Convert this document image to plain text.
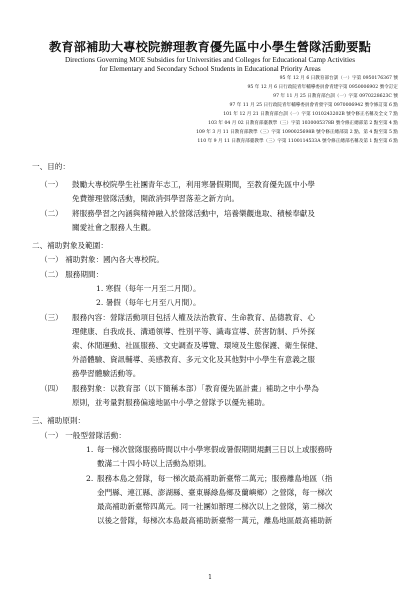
教育部補助大專校院辦理教育優先區中小學生營隊活動要點
Directions Governing MOE Subsidies for Universities and Colleges for Educational Camp Activities
for Elementary and Secondary School Students in Educational Priority Areas
95 年 12 月 6 日教育部台訓（一）字第 0950176367 號
95 年 12 月 6 日行政院青年輔導委員會青建字第 0950006902 號令訂定
97 年 11 月 25 日教育部台訓（一）字第 0970228623C 號
97 年 11 月 25 日行政院青年輔導委員會青發字第 0970006942 號令修訂第 6 點
101 年 12 月 21 日教育部台訓（一）字第 1010243202B 號令修正名稱及全文 7 點
103 年 04 月 02 日教育部臺教學（三）字第 1030005378B 號令修正總部第 2 點至第 4 點
109 年 3 月 11 日教育部教學（三）字第 1090025698B 號令修正總部第 2 點、第 4 點至第 5 點
110 年 9 月 11 日教育部臺教學（三）字第 1100114533A 號令修正總部名稱及第 1 點至第 6 點
一、目的：
（一） 鼓勵大專校院學生社團青年志工，利用寒暑假期間，至教育優先區中小學
免費辦理營隊活動，開啟消弭學習落差之新方向。
（二） 將服務學習之內涵與精神融入於營隊活動中，培養樂觀進取、積極奉獻及
關愛社會之服務人生觀。
二、補助對象及範圍：
（一） 補助對象：國內各大專校院。
（二） 服務期間：
1. 寒假（每年一月至二月間）。
2. 暑假（每年七月至八月間）。
（三） 服務內容：營隊活動項目包括人權及法治教育、生命教育、品德教育、心
理健康、自我成長、溝通領導、性別平等、識毒宣導、菸害防制、戶外探
索、休閒運動、社區服務、文史調查及導覽、環境及生態保護、衛生保健、
外語體驗、資訊輔導、美感教育、多元文化及其他對中小學生有意義之服
務學習體驗活動等。
（四） 服務對象：以教育部（以下簡稱本部）「教育優先區計畫」補助之中小學為
原則，並考量對服務偏遠地區中小學之營隊予以優先補助。
三、補助原則：
（一） 一般型營隊活動：
1. 每一梯次營隊服務時間以中小學寒假或暑假期間規劃三日以上或服務時
數滿二十四小時以上活動為原則。
2. 服務本島之營隊，每一梯次最高補助新臺幣二萬元；服務離島地區（指
金門縣、連江縣、澎湖縣、臺東縣綠島鄉及蘭嶼鄉）之營隊，每一梯次
最高補助新臺幣四萬元。同一社團如辦理二梯次以上之營隊，第二梯次
以後之營隊，每梯次本島最高補助新臺幣一萬元，離島地區最高補助新
1
